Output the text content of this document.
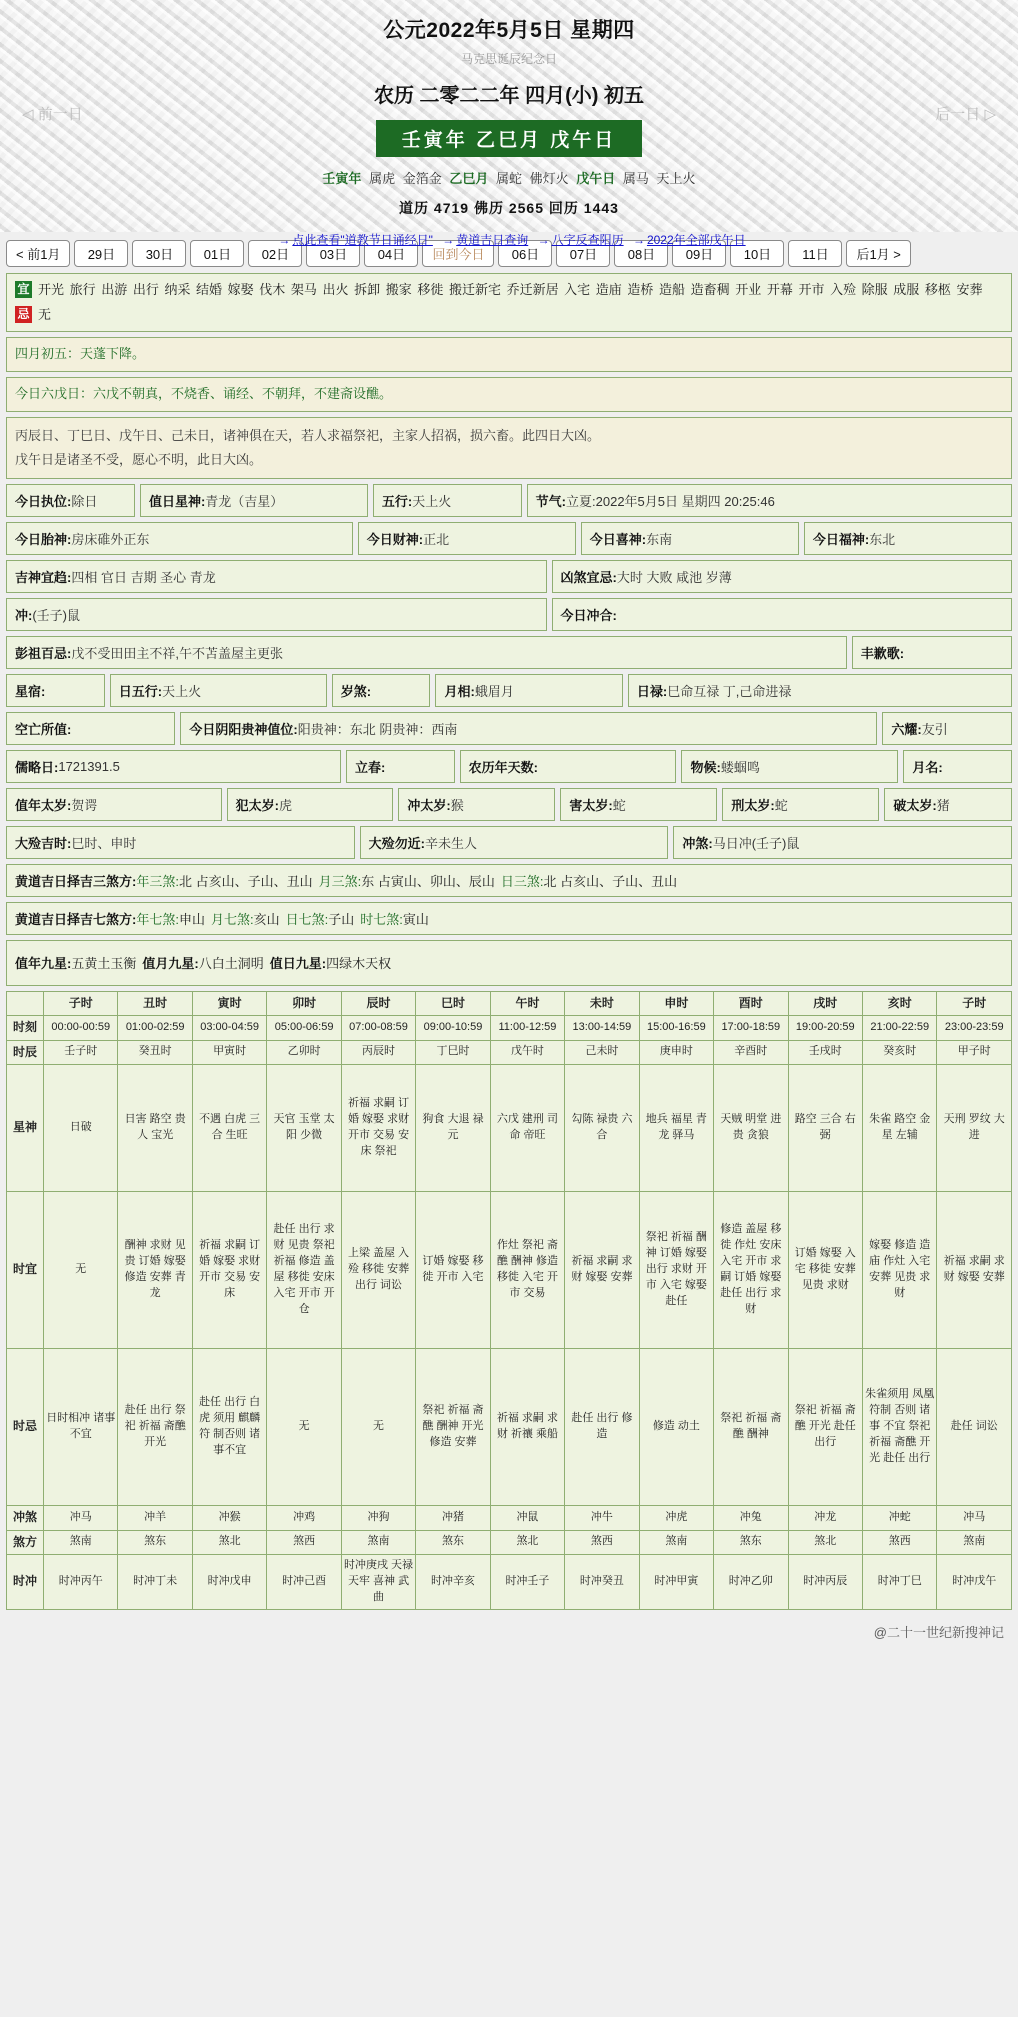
◁ 前一日	后一日 ▷
公元2022年5月5日 星期四
马克思诞辰纪念日
农历 二零二二年 四月(小) 初五
壬寅年 乙巳月 戊午日
壬寅年 属虎 金箔金 乙巳月 属蛇 佛灯火 戊午日 属马 天上火
道历 4719 佛历 2565 回历 1443
→ 点此查看"道教节日诵经日" → 黄道吉日查询 → 八字反查阳历 → 2022年全部戊午日
< 前1月 29日 30日 01日 02日 03日 04日 回到今日 06日 07日 08日 09日 10日 11日 后1月 >
宜 开光 旅行 出游 出行 纳采 结婚 嫁娶 伐木 架马 出火 拆卸 搬家 移徙 搬迁新宅 乔迁新居 入宅 造庙 造桥 造船 造畜稠 开业 开幕 开市 入殓 除服 成服 移柩 安葬
忌 无
四月初五：天蓬下降。
今日六戊日：六戊不朝真，不烧香、诵经、不朝拜，不建斋设醮。
丙辰日、丁巳日、戊午日、己未日，诸神俱在天，若人求福祭祀，主家人招祸，损六畜。此四日大凶。
戊午日是诸圣不受，愿心不明，此日大凶。
今日执位: 除日	值日星神: 青龙（吉星）	五行: 天上火	节气: 立夏:2022年5月5日 星期四 20:25:46
今日胎神: 房床碓外正东	今日财神: 正北	今日喜神: 东南	今日福神: 东北
吉神宜趋: 四相 官日 吉期 圣心 青龙	凶煞宜忌: 大时 大败 咸池 岁薄
冲: (壬子)鼠	今日冲合:
彭祖百忌: 戊不受田田主不祥,午不苫盖屋主更张	丰歉歌:
星宿:	日五行: 天上火	岁煞:	月相: 蛾眉月	日禄: 巳命互禄 丁,己命进禄
空亡所值:	今日阴阳贵神值位: 阳贵神：东北 阴贵神：西南	六耀: 友引
儒略日: 1721391.5	立春:	农历年天数:	物候: 蝼蝈鸣	月名:
值年太岁: 贺谔	犯太岁: 虎	冲太岁: 猴	害太岁: 蛇	刑太岁: 蛇	破太岁: 猪
大殓吉时: 巳时、申时	大殓勿近: 辛未生人	冲煞: 马日冲(壬子)鼠
黄道吉日择吉三煞方: 年三煞: 北 占亥山、子山、丑山 月三煞: 东 占寅山、卯山、辰山 日三煞: 北 占亥山、子山、丑山
黄道吉日择吉七煞方: 年七煞: 申山 月七煞: 亥山 日七煞: 子山 时七煞: 寅山
值年九星: 五黄土玉衡 值月九星: 八白土洞明 值日九星: 四绿木天权
	子时	丑时	寅时	卯时	辰时	巳时	午时	未时	申时	酉时	戌时	亥时	子时
时刻	00:00-00:59	01:00-02:59	03:00-04:59	05:00-06:59	07:00-08:59	09:00-10:59	11:00-12:59	13:00-14:59	15:00-16:59	17:00-18:59	19:00-20:59	21:00-22:59	23:00-23:59
时辰	壬子时	癸丑时	甲寅时	乙卯时	丙辰时	丁巳时	戊午时	己未时	庚申时	辛酉时	壬戌时	癸亥时	甲子时
星神	日破	日害 路空 贵人 宝光	不遇 白虎 三合 生旺	天官 玉堂 太阳 少微	祈福 求嗣 订婚 嫁娶 求财 开市 交易 安床 祭祀	狗食 大退 禄元	六戊 建刑 司命 帝旺	勾陈 禄贵 六合	地兵 福星 青龙 驿马	天贼 明堂 进贵 贪狼	路空 三合 右弼	朱雀 路空 金星 左辅	天刑 罗纹 大进
时宜	无	酬神 求财 见贵 订婚 嫁娶 修造 安葬 青龙	祈福 求嗣 订婚 嫁娶 求财 开市 交易 安床	赴任 出行 求财 见贵 祭祀 祈福 修造 盖屋 移徙 安床 入宅 开市 开仓	上梁 盖屋 入殓 移徙 安葬 出行 词讼	订婚 嫁娶 移徙 开市 入宅	作灶 祭祀 斋醮 酬神 修造 移徙 入宅 开市 交易	祈福 求嗣 求财 嫁娶 安葬	祭祀 祈福 酬神 订婚 嫁娶 出行 求财 开市 入宅 嫁娶 赴任	修造 盖屋 移徙 作灶 安床 入宅 开市 求嗣 订婚 嫁娶 赴任 出行 求财	订婚 嫁娶 入宅 移徙 安葬 见贵 求财	嫁娶 修造 造庙 作灶 入宅 安葬 见贵 求财	祈福 求嗣 求财 嫁娶 安葬
时忌	日时相冲 诸事不宜	赴任 出行 祭祀 祈福 斋醮 开光	赴任 出行 白虎 须用 麒麟符 制否则 诸事不宜	无	无	祭祀 祈福 斋醮 酬神 开光 修造 安葬	祈福 求嗣 求财 祈禳 乘船	赴任 出行 修造	修造 动土	祭祀 祈福 斋醮 酬神	祭祀 祈福 斋醮 开光 赴任 出行	朱雀须用 凤凰 符制 否则 诸事 不宜 祭祀 祈福 斋醮 开光 赴任 出行	赴任 词讼
冲煞	冲马	冲羊	冲猴	冲鸡	冲狗	冲猪	冲鼠	冲牛	冲虎	冲兔	冲龙	冲蛇	冲马
煞方	煞南	煞东	煞北	煞西	煞南	煞东	煞北	煞西	煞南	煞东	煞北	煞西	煞南
时冲	时冲丙午	时冲丁未	时冲戊申	时冲己酉	时冲庚戌 天禄 天牢 喜神 武曲	时冲辛亥	时冲壬子	时冲癸丑	时冲甲寅	时冲乙卯	时冲丙辰	时冲丁巳	时冲戊午
@二十一世纪新搜神记
